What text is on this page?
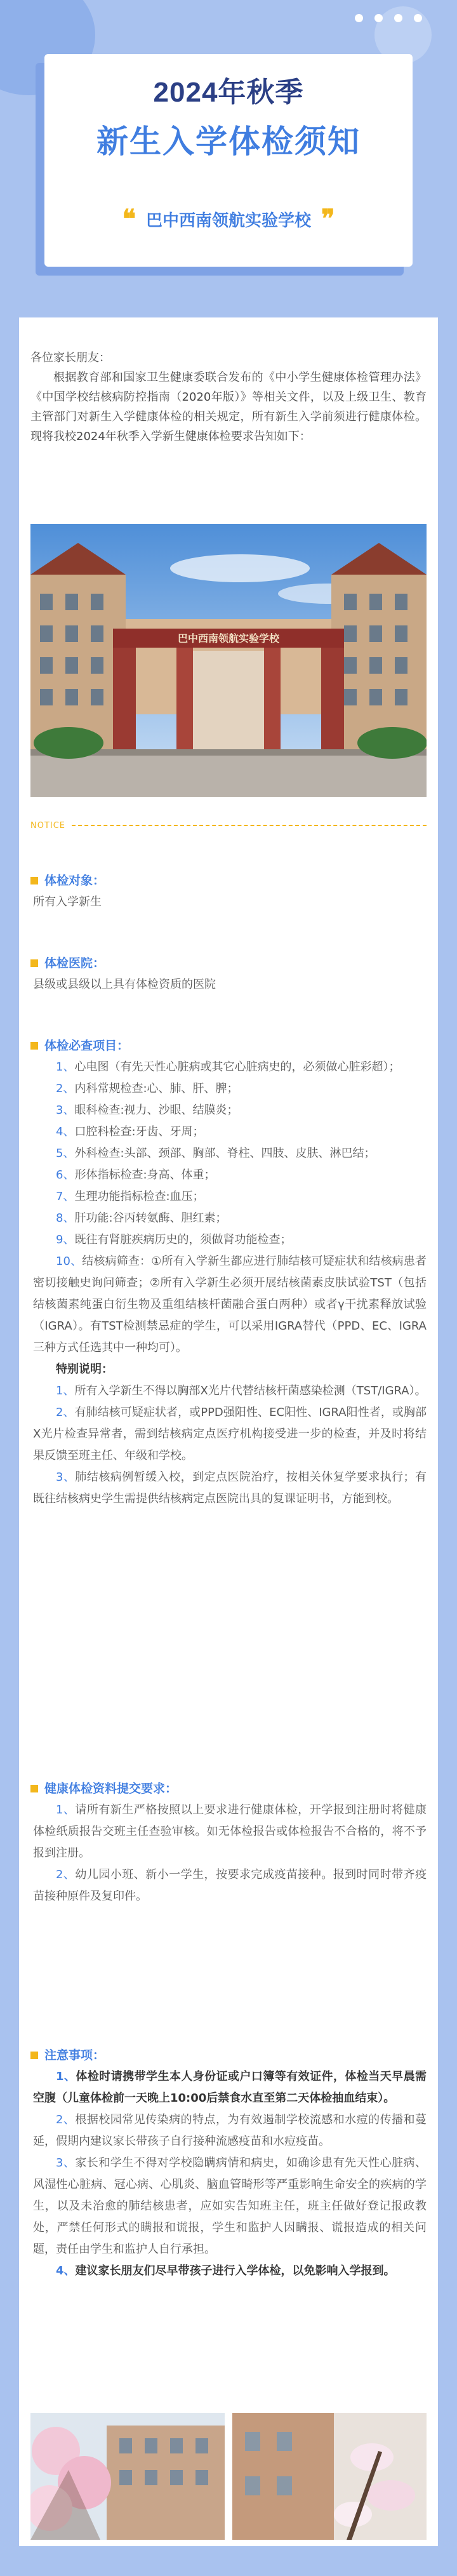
2024年秋季
新生入学体检须知
❝ 巴中西南领航实验学校 ❞

各位家长朋友：

根据教育部和国家卫生健康委联合发布的《中小学生健康体检管理办法》《中国学校结核病防控指南（2020年版）》等相关文件，以及上级卫生、教育主管部门对新生入学健康体检的相关规定，所有新生入学前须进行健康体检。现将我校2024年秋季入学新生健康体检要求告知如下：

巴中西南领航实验学校
NOTICE
体检对象：
所有入学新生
体检医院：
县级或县级以上具有体检资质的医院
体检必查项目：

1、心电图（有先天性心脏病或其它心脏病史的，必须做心脏彩超）；

2、内科常规检查:心、肺、肝、脾；

3、眼科检查:视力、沙眼、结膜炎；

4、口腔科检查:牙齿、牙周；

5、外科检查:头部、颈部、胸部、脊柱、四肢、皮肤、淋巴结；

6、形体指标检查:身高、体重；

7、生理功能指标检查:血压；

8、肝功能:谷丙转氨酶、胆红素；

9、既往有肾脏疾病历史的，须做肾功能检查；

10、结核病筛查：①所有入学新生都应进行肺结核可疑症状和结核病患者密切接触史询问筛查；②所有入学新生必须开展结核菌素皮肤试验TST（包括结核菌素纯蛋白衍生物及重组结核杆菌融合蛋白两种）或者γ干扰素释放试验（IGRA）。有TST检测禁忌症的学生，可以采用IGRA替代（PPD、EC、IGRA三种方式任选其中一种均可）。

特别说明：

1、所有入学新生不得以胸部X光片代替结核杆菌感染检测（TST/IGRA）。

2、有肺结核可疑症状者，或PPD强阳性、EC阳性、IGRA阳性者，或胸部X光片检查异常者，需到结核病定点医疗机构接受进一步的检查，并及时将结果反馈至班主任、年级和学校。

3、肺结核病例暂缓入校，到定点医院治疗，按相关休复学要求执行；有既往结核病史学生需提供结核病定点医院出具的复课证明书，方能到校。

健康体检资料提交要求：

1、请所有新生严格按照以上要求进行健康体检，开学报到注册时将健康体检纸质报告交班主任查验审核。如无体检报告或体检报告不合格的，将不予报到注册。

2、幼儿园小班、新小一学生，按要求完成疫苗接种。报到时同时带齐疫苗接种原件及复印件。

注意事项：

1、体检时请携带学生本人身份证或户口簿等有效证件，体检当天早晨需空腹（儿童体检前一天晚上10:00后禁食水直至第二天体检抽血结束）。

2、根据校园常见传染病的特点，为有效遏制学校流感和水痘的传播和蔓延，假期内建议家长带孩子自行接种流感疫苗和水痘疫苗。

3、家长和学生不得对学校隐瞒病情和病史，如确诊患有先天性心脏病、风湿性心脏病、冠心病、心肌炎、脑血管畸形等严重影响生命安全的疾病的学生，以及未治愈的肺结核患者，应如实告知班主任，班主任做好登记报政教处，严禁任何形式的瞒报和谎报，学生和监护人因瞒报、谎报造成的相关问题，责任由学生和监护人自行承担。

4、建议家长朋友们尽早带孩子进行入学体检，以免影响入学报到。
